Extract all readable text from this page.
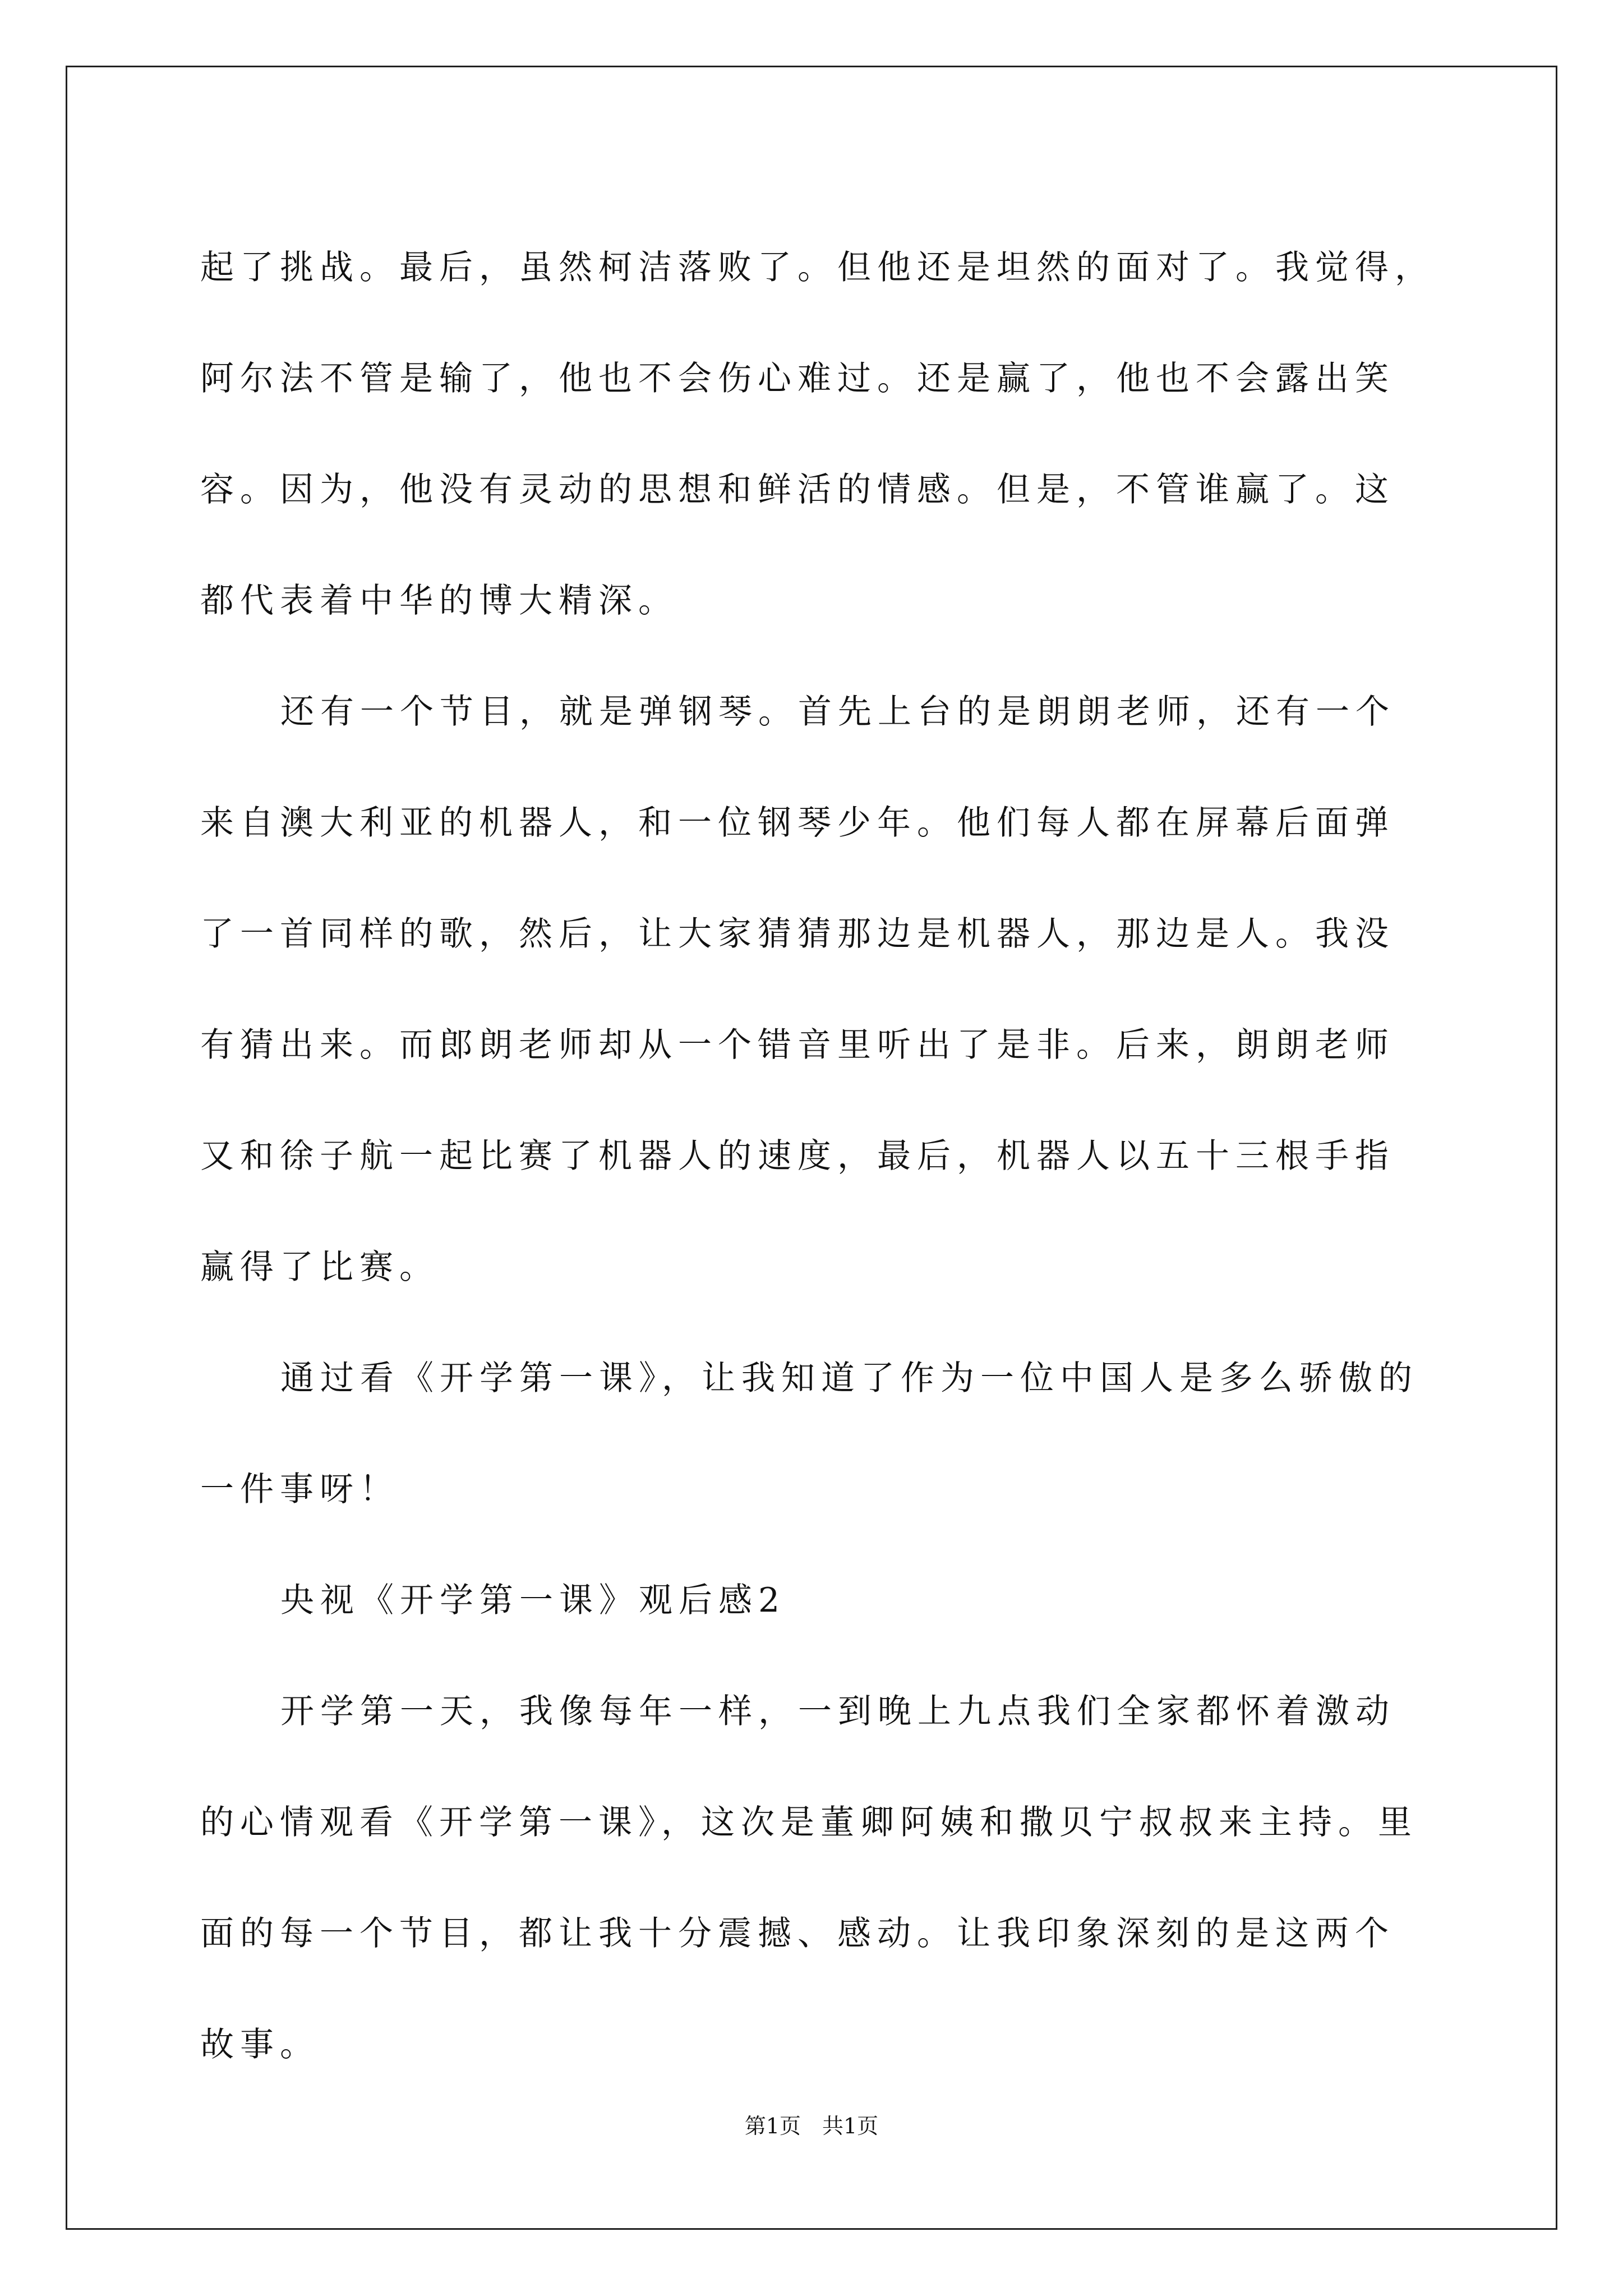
起了挑战。最后，虽然柯洁落败了。但他还是坦然的面对了。我觉得，
阿尔法不管是输了，他也不会伤心难过。还是赢了，他也不会露出笑
容。因为，他没有灵动的思想和鲜活的情感。但是，不管谁赢了。这
都代表着中华的博大精深。
还有一个节目，就是弹钢琴。首先上台的是朗朗老师，还有一个
来自澳大利亚的机器人，和一位钢琴少年。他们每人都在屏幕后面弹
了一首同样的歌，然后，让大家猜猜那边是机器人，那边是人。我没
有猜出来。而郎朗老师却从一个错音里听出了是非。后来，朗朗老师
又和徐子航一起比赛了机器人的速度，最后，机器人以五十三根手指
赢得了比赛。
通过看《开学第一课》，让我知道了作为一位中国人是多么骄傲的
一件事呀！
央视《开学第一课》观后感2
开学第一天，我像每年一样，一到晚上九点我们全家都怀着激动
的心情观看《开学第一课》，这次是董卿阿姨和撒贝宁叔叔来主持。里
面的每一个节目，都让我十分震撼、感动。让我印象深刻的是这两个
故事。
第1页　共1页
